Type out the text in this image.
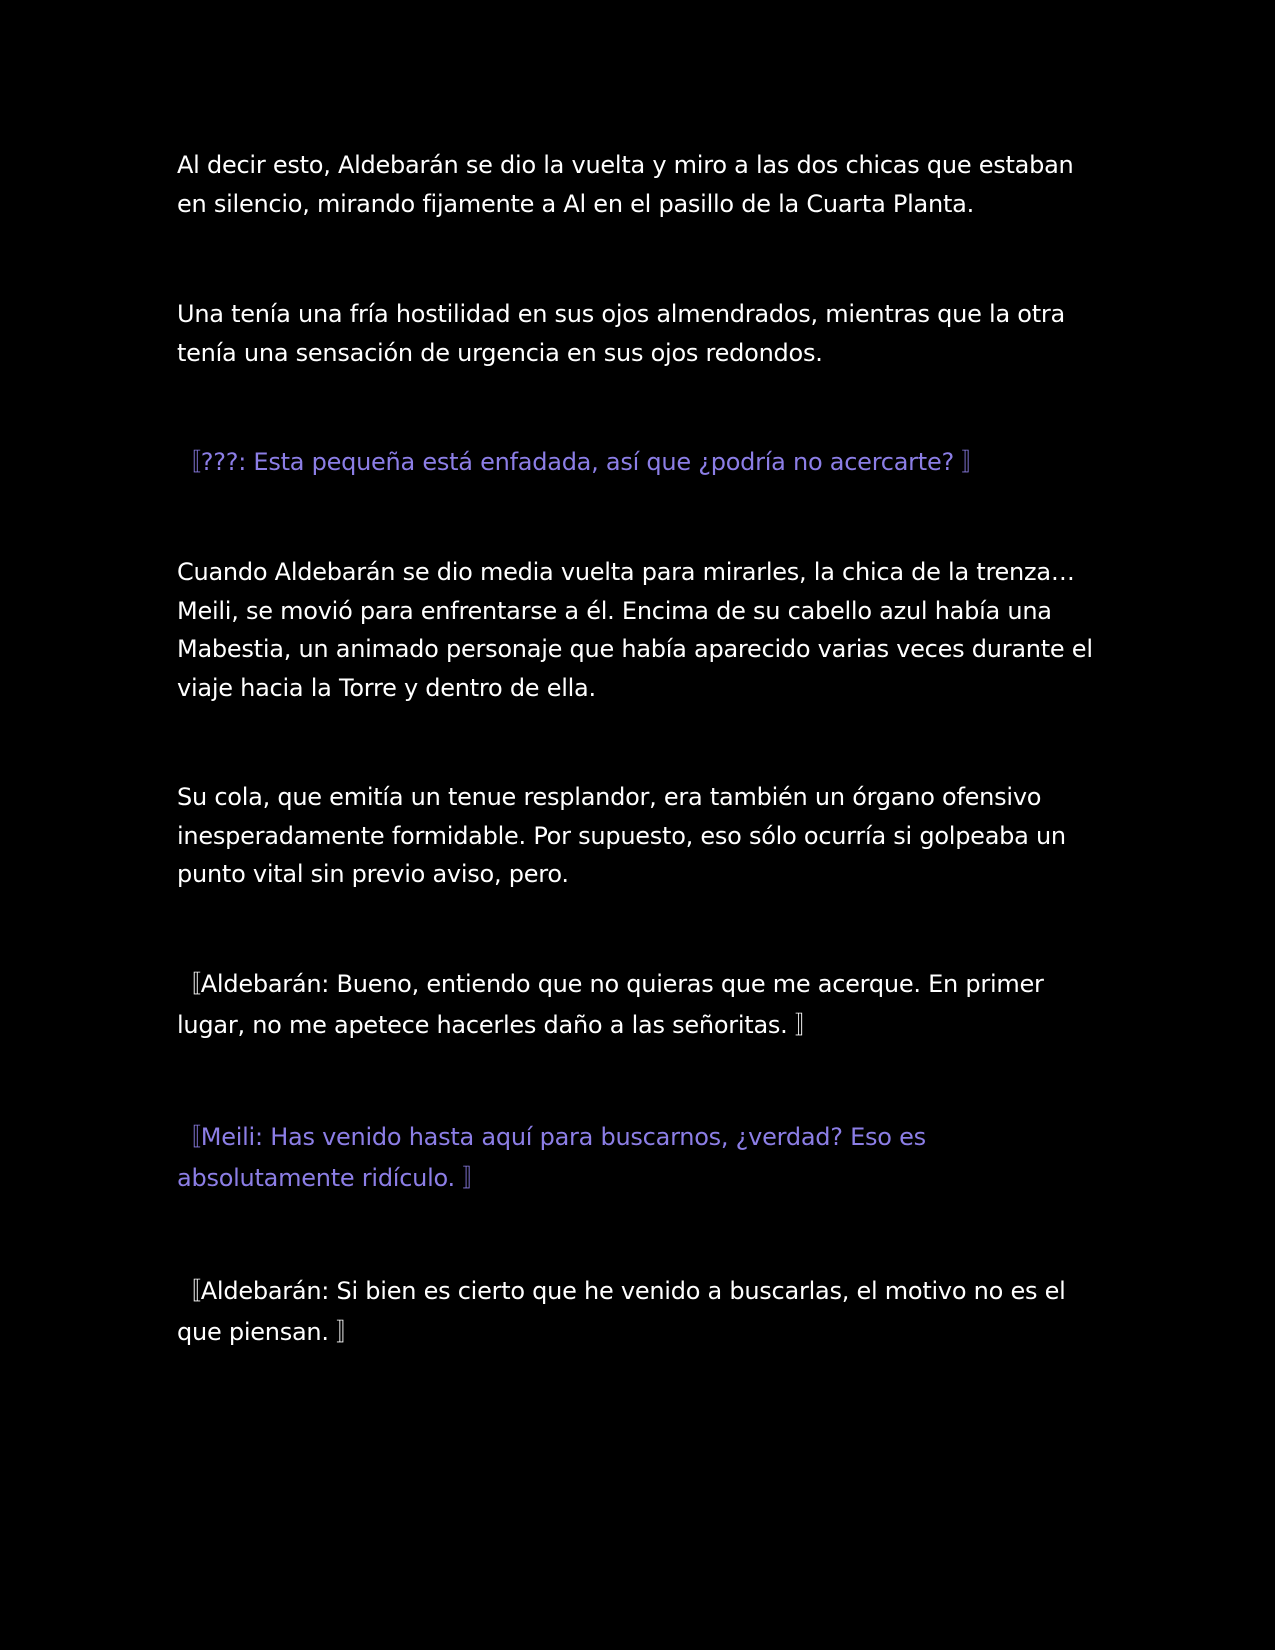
Al decir esto, Aldebarán se dio la vuelta y miro a las dos chicas que estaban en silencio, mirando fijamente a Al en el pasillo de la Cuarta Planta.

Una tenía una fría hostilidad en sus ojos almendrados, mientras que la otra tenía una sensación de urgencia en sus ojos redondos.

〚???: Esta pequeña está enfadada, así que ¿podría no acercarte? 〛

Cuando Aldebarán se dio media vuelta para mirarles, la chica de la trenza… Meili, se movió para enfrentarse a él. Encima de su cabello azul había una Mabestia, un animado personaje que había aparecido varias veces durante el viaje hacia la Torre y dentro de ella.

Su cola, que emitía un tenue resplandor, era también un órgano ofensivo inesperadamente formidable. Por supuesto, eso sólo ocurría si golpeaba un punto vital sin previo aviso, pero.

〚Aldebarán: Bueno, entiendo que no quieras que me acerque. En primer lugar, no me apetece hacerles daño a las señoritas. 〛

〚Meili: Has venido hasta aquí para buscarnos, ¿verdad? Eso es absolutamente ridículo. 〛

〚Aldebarán: Si bien es cierto que he venido a buscarlas, el motivo no es el que piensan. 〛
